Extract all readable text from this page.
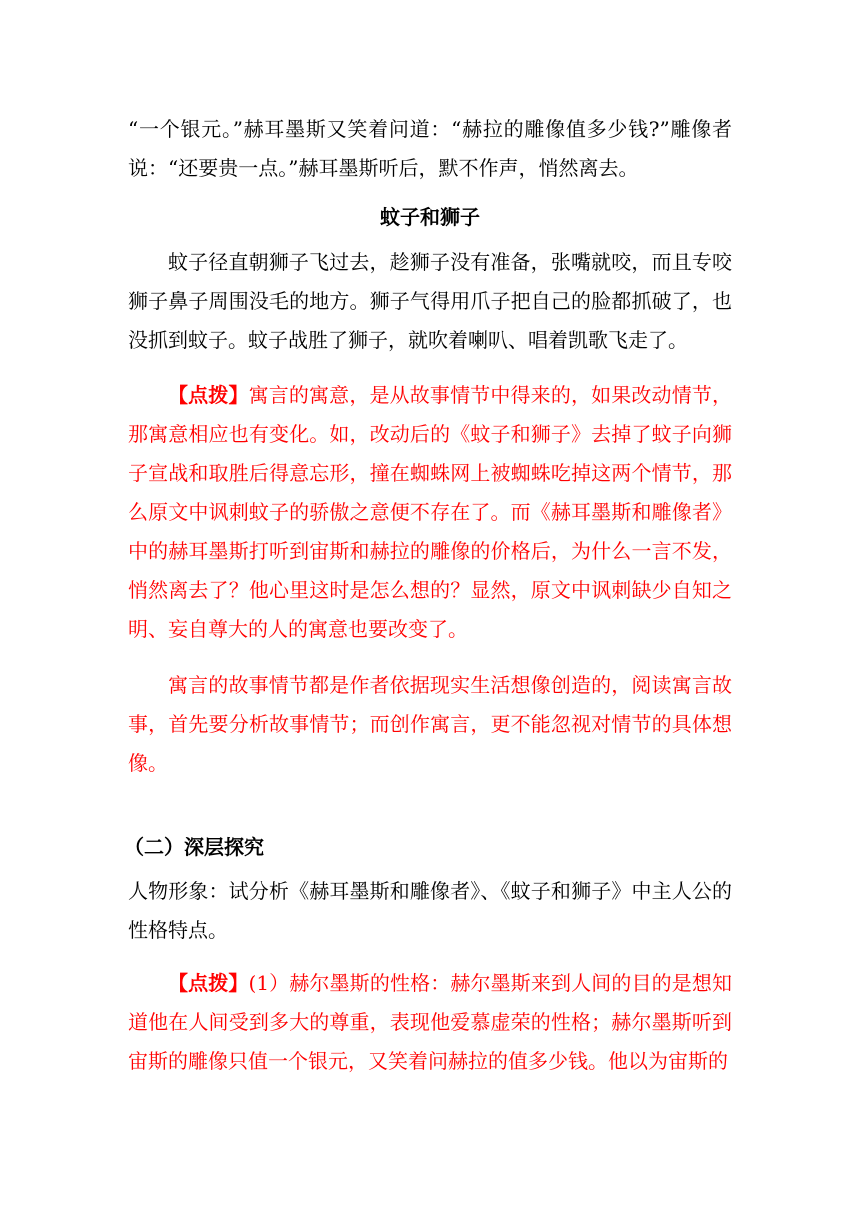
“一个银元。”赫耳墨斯又笑着问道：“赫拉的雕像值多少钱?”雕像者说：“还要贵一点。”赫耳墨斯听后，默不作声，悄然离去。

蚊子和狮子

蚊子径直朝狮子飞过去，趁狮子没有准备，张嘴就咬，而且专咬狮子鼻子周围没毛的地方。狮子气得用爪子把自己的脸都抓破了，也没抓到蚊子。蚊子战胜了狮子，就吹着喇叭、唱着凯歌飞走了。

【点拨】寓言的寓意，是从故事情节中得来的，如果改动情节，那寓意相应也有变化。如，改动后的《蚊子和狮子》去掉了蚊子向狮子宣战和取胜后得意忘形，撞在蜘蛛网上被蜘蛛吃掉这两个情节，那么原文中讽刺蚊子的骄傲之意便不存在了。而《赫耳墨斯和雕像者》中的赫耳墨斯打听到宙斯和赫拉的雕像的价格后，为什么一言不发，悄然离去了？他心里这时是怎么想的？显然，原文中讽刺缺少自知之明、妄自尊大的人的寓意也要改变了。

寓言的故事情节都是作者依据现实生活想像创造的，阅读寓言故事，首先要分析故事情节；而创作寓言，更不能忽视对情节的具体想像。

（二）深层探究

人物形象：试分析《赫耳墨斯和雕像者》、《蚊子和狮子》中主人公的性格特点。

【点拨】(1）赫尔墨斯的性格：赫尔墨斯来到人间的目的是想知道他在人间受到多大的尊重，表现他爱慕虚荣的性格；赫尔墨斯听到宙斯的雕像只值一个银元，又笑着问赫拉的值多少钱。他以为宙斯的
